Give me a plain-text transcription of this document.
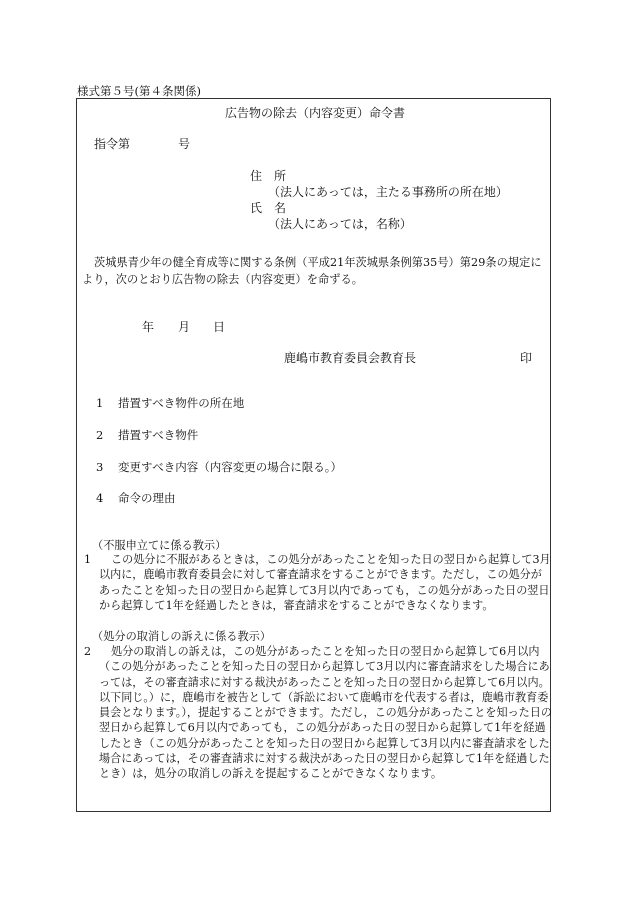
様式第５号(第４条関係)
広告物の除去（内容変更）命令書
指令第	号
住　所
（法人にあっては，主たる事務所の所在地）
氏　名
（法人にあっては，名称）
茨城県青少年の健全育成等に関する条例（平成21年茨城県条例第35号）第29条の規定により，次のとおり広告物の除去（内容変更）を命ずる。
年 月 日
鹿嶋市教育委員会教育長	印
1 措置すべき物件の所在地
2 措置すべき物件
3 変更すべき内容（内容変更の場合に限る。）
4 命令の理由
（不服申立てに係る教示）
1	この処分に不服があるときは，この処分があったことを知った日の翌日から起算して3月以内に，鹿嶋市教育委員会に対して審査請求をすることができます。ただし，この処分があったことを知った日の翌日から起算して3月以内であっても，この処分があった日の翌日から起算して1年を経過したときは，審査請求をすることができなくなります。
（処分の取消しの訴えに係る教示）
2	処分の取消しの訴えは，この処分があったことを知った日の翌日から起算して6月以内（この処分があったことを知った日の翌日から起算して3月以内に審査請求をした場合にあっては，その審査請求に対する裁決があったことを知った日の翌日から起算して6月以内。以下同じ。）に，鹿嶋市を被告として（訴訟において鹿嶋市を代表する者は，鹿嶋市教育委員会となります。），提起することができます。ただし，この処分があったことを知った日の翌日から起算して6月以内であっても，この処分があった日の翌日から起算して1年を経過したとき（この処分があったことを知った日の翌日から起算して3月以内に審査請求をした場合にあっては，その審査請求に対する裁決があった日の翌日から起算して1年を経過したとき）は，処分の取消しの訴えを提起することができなくなります。
